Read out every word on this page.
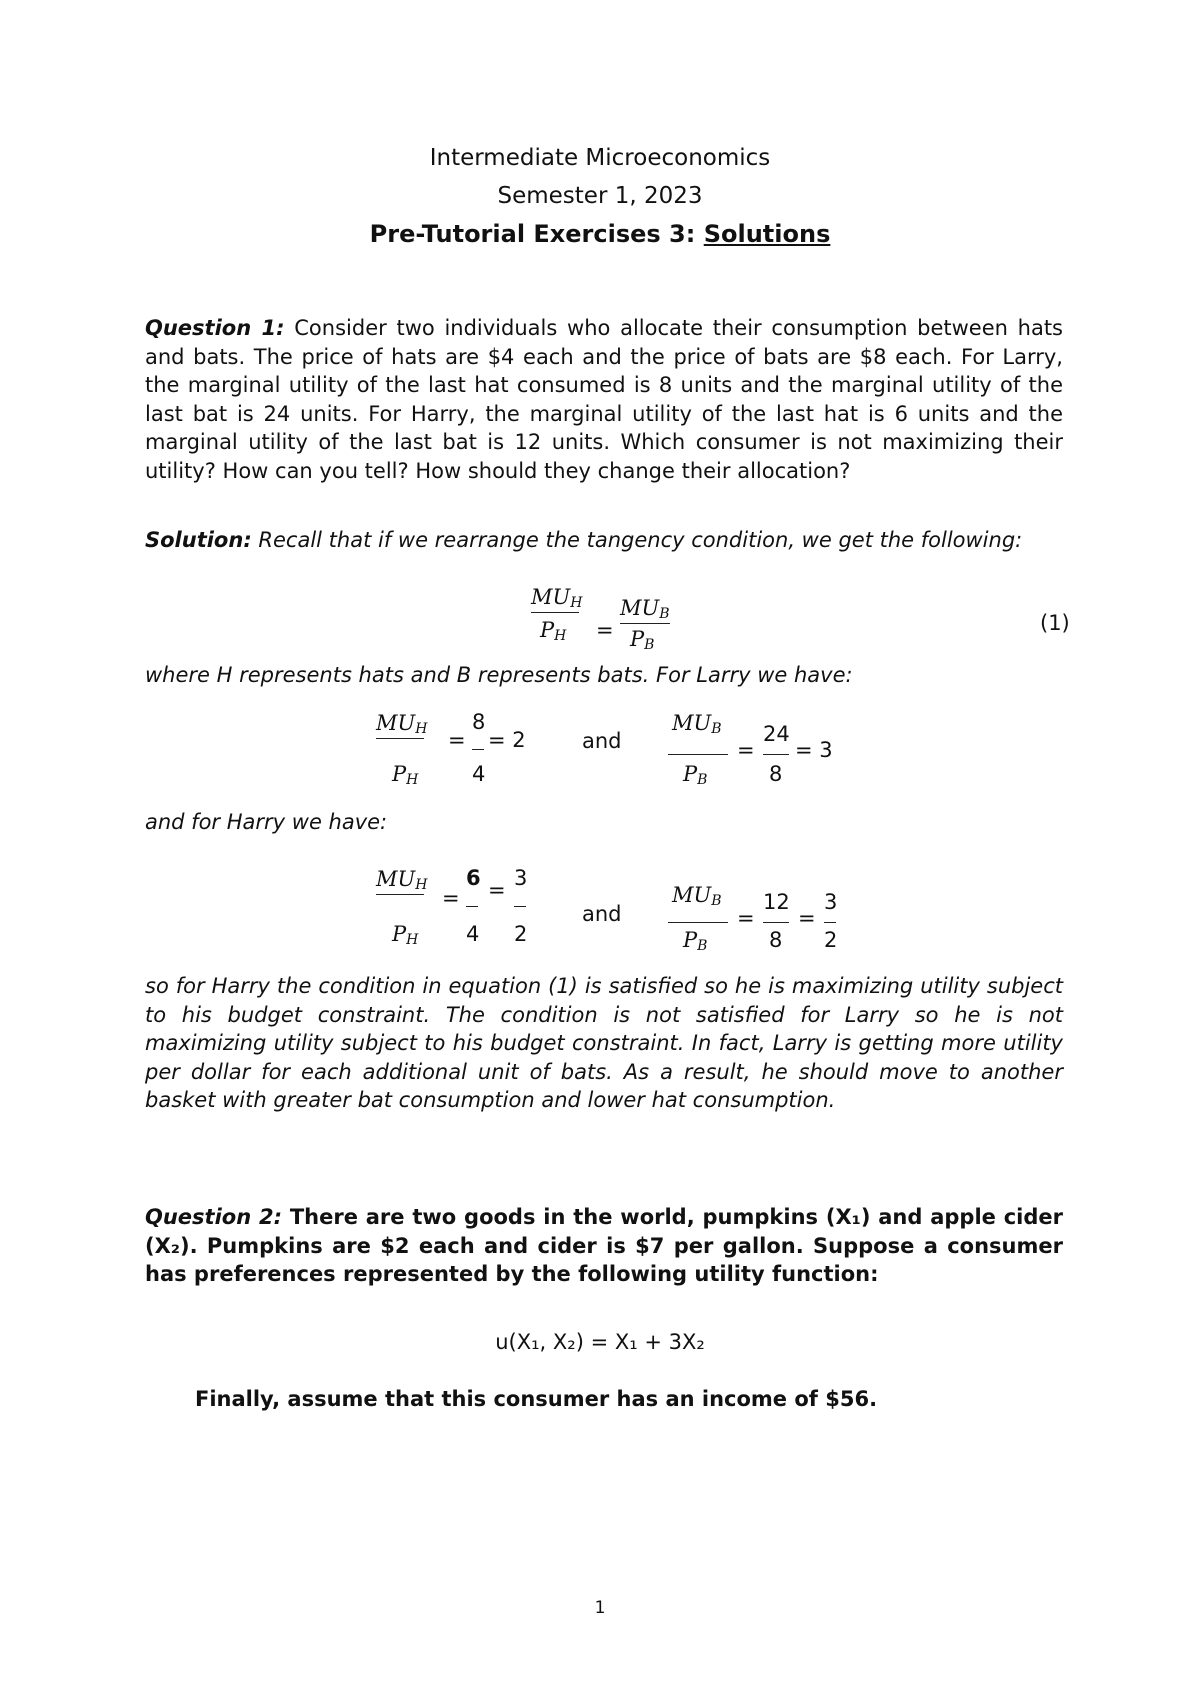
Intermediate Microeconomics
Semester 1, 2023
Pre-Tutorial Exercises 3: Solutions
Question 1: Consider two individuals who allocate their consumption between hats and bats. The price of hats are $4 each and the price of bats are $8 each. For Larry, the marginal utility of the last hat consumed is 8 units and the marginal utility of the last bat is 24 units. For Harry, the marginal utility of the last hat is 6 units and the marginal utility of the last bat is 12 units. Which consumer is not maximizing their utility? How can you tell? How should they change their allocation?
Solution: Recall that if we rearrange the tangency condition, we get the following:
$MU_H$
$P_H$ =
$MU_B$
$P_B$
(1)
where H represents hats and B represents bats. For Larry we have:
$MU_H$ =
8
= 2
$P_H$	4
and
$MU_B$
$P_B$
=
24
8
= 3
and for Harry we have:
$MU_H$
=
6
4
= 3
2
$P_H$
and
$MU_B$
$P_B$
=
12
8
=
3
2
so for Harry the condition in equation (1) is satisfied so he is maximizing utility subject to his budget constraint. The condition is not satisfied for Larry so he is not maximizing utility subject to his budget constraint. In fact, Larry is getting more utility per dollar for each additional unit of bats. As a result, he should move to another basket with greater bat consumption and lower hat consumption.
Question 2: There are two goods in the world, pumpkins (X₁) and apple cider (X₂). Pumpkins are $2 each and cider is $7 per gallon. Suppose a consumer has preferences represented by the following utility function:
u(X₁, X₂) = X₁ + 3X₂
Finally, assume that this consumer has an income of $56.
1
